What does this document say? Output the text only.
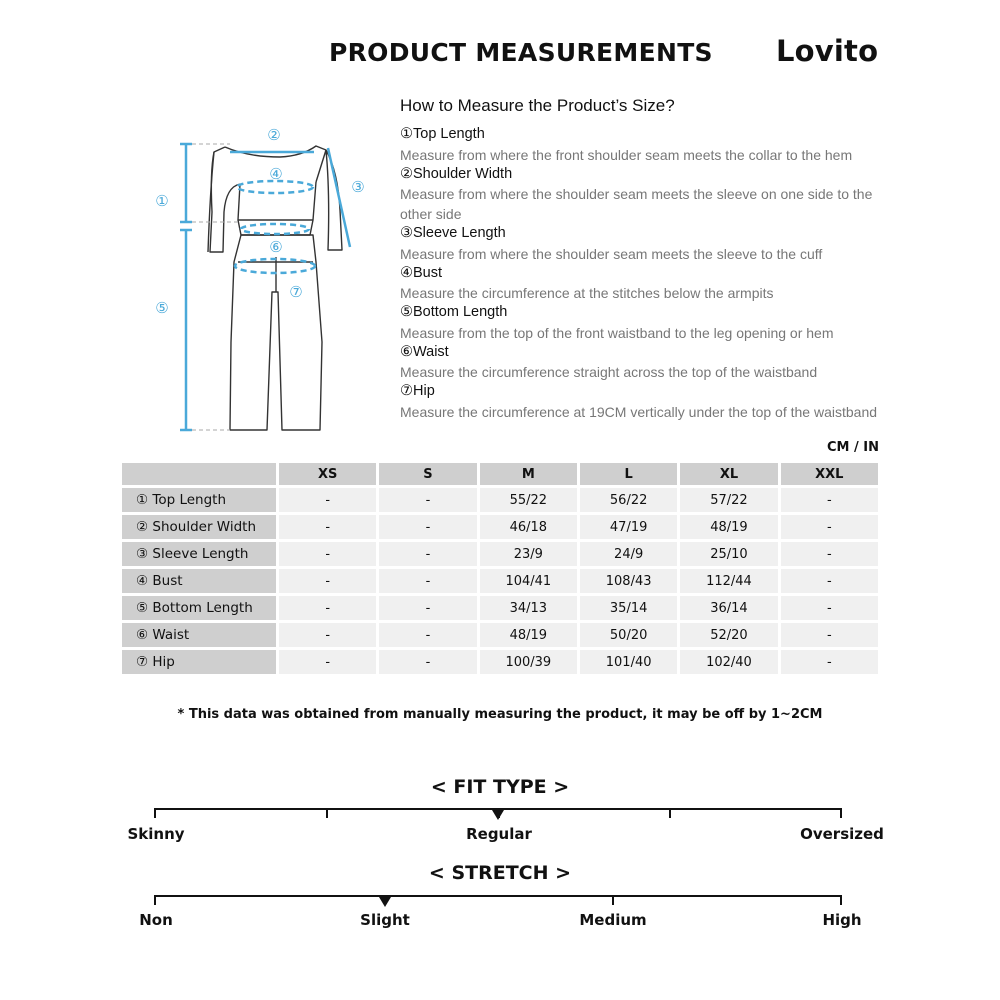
PRODUCT MEASUREMENTS Lovito
①
②
③
④
⑤
⑥
⑦
How to Measure the Product’s Size?
①Top Length
Measure from where the front shoulder seam meets the collar to the hem
②Shoulder Width
Measure from where the shoulder seam meets the sleeve on one side to the other side
③Sleeve Length
Measure from where the shoulder seam meets the sleeve to the cuff
④Bust
Measure the circumference at the stitches below the armpits
⑤Bottom Length
Measure from the top of the front waistband to the leg opening or hem
⑥Waist
Measure the circumference straight across the top of the waistband
⑦Hip
Measure the circumference at 19CM vertically under the top of the waistband
CM / IN
	XS	S	M	L	XL	XXL
① Top Length	-	-	55/22	56/22	57/22	-
② Shoulder Width	-	-	46/18	47/19	48/19	-
③ Sleeve Length	-	-	23/9	24/9	25/10	-
④ Bust	-	-	104/41	108/43	112/44	-
⑤ Bottom Length	-	-	34/13	35/14	36/14	-
⑥ Waist	-	-	48/19	50/20	52/20	-
⑦ Hip	-	-	100/39	101/40	102/40	-
* This data was obtained from manually measuring the product, it may be off by 1~2CM
< FIT TYPE >
Skinny	Regular	Oversized
< STRETCH >
Non	Slight	Medium	High
